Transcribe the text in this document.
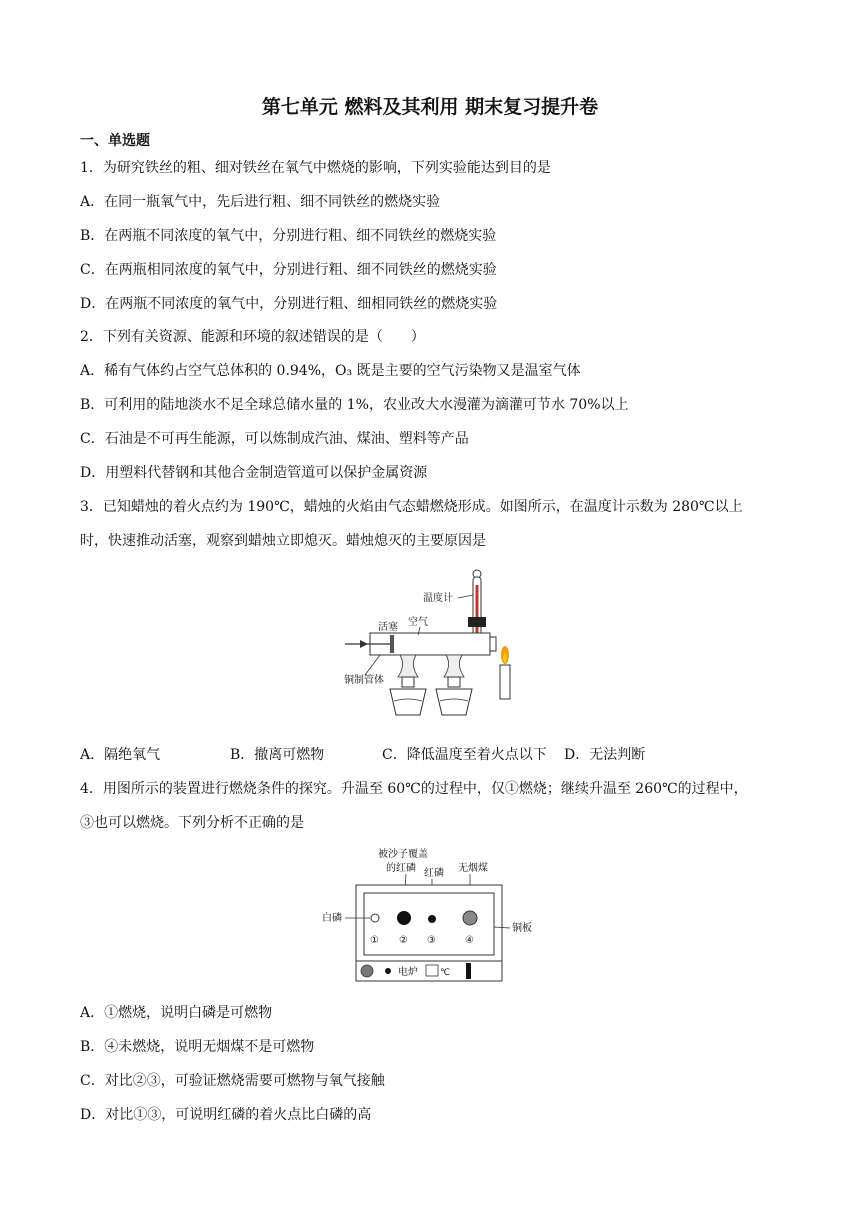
第七单元 燃料及其利用 期末复习提升卷
一、单选题
1．为研究铁丝的粗、细对铁丝在氧气中燃烧的影响，下列实验能达到目的是
A．在同一瓶氧气中，先后进行粗、细不同铁丝的燃烧实验
B．在两瓶不同浓度的氧气中，分别进行粗、细不同铁丝的燃烧实验
C．在两瓶相同浓度的氧气中，分别进行粗、细不同铁丝的燃烧实验
D．在两瓶不同浓度的氧气中，分别进行粗、细相同铁丝的燃烧实验
2．下列有关资源、能源和环境的叙述错误的是（　　）
A．稀有气体约占空气总体积的 0.94%，O₃ 既是主要的空气污染物又是温室气体
B．可利用的陆地淡水不足全球总储水量的 1%，农业改大水漫灌为滴灌可节水 70%以上
C．石油是不可再生能源，可以炼制成汽油、煤油、塑料等产品
D．用塑料代替钢和其他合金制造管道可以保护金属资源
3．已知蜡烛的着火点约为 190℃，蜡烛的火焰由气态蜡燃烧形成。如图所示，在温度计示数为 280℃以上
时，快速推动活塞，观察到蜡烛立即熄灭。蜡烛熄灭的主要原因是
温度计
活塞 空气
铜制管体
A．隔绝氧气	B．撤离可燃物	C．降低温度至着火点以下 D．无法判断
4．用图所示的装置进行燃烧条件的探究。升温至 60℃的过程中，仅①燃烧；继续升温至 260℃的过程中，
③也可以燃烧。下列分析不正确的是
被沙子覆盖
的红磷 红磷 无烟煤
白磷
铜板
① ② ③	④
电炉 ℃
A．①燃烧，说明白磷是可燃物
B．④未燃烧，说明无烟煤不是可燃物
C．对比②③，可验证燃烧需要可燃物与氧气接触
D．对比①③，可说明红磷的着火点比白磷的高
